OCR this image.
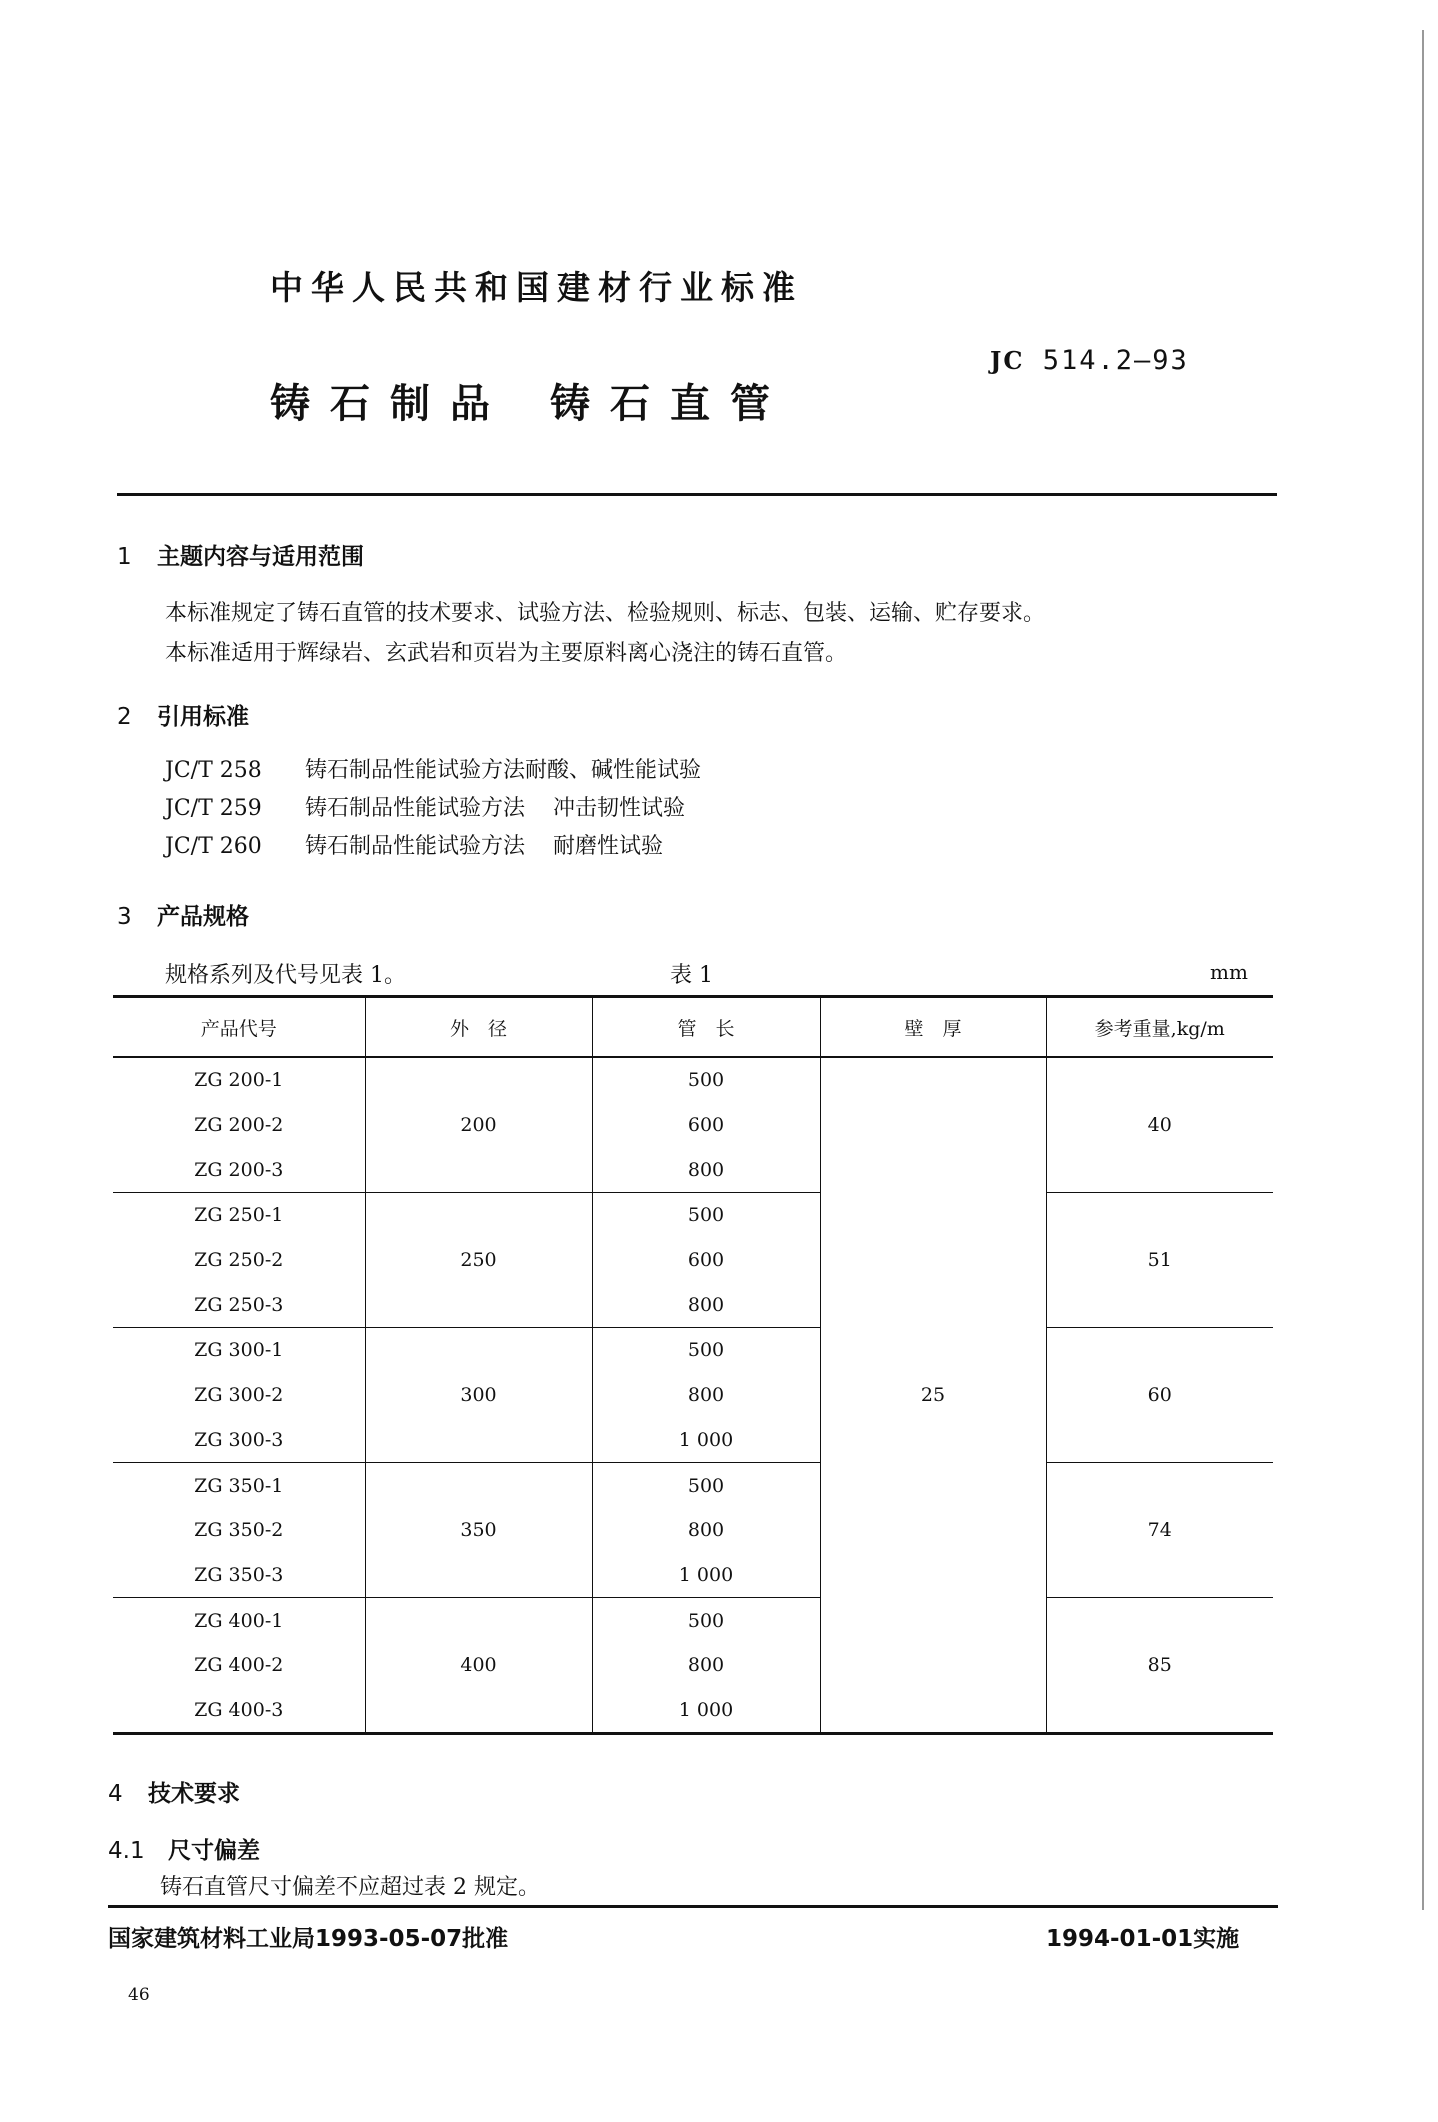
中华人民共和国建材行业标准
JC 514.2—93
铸石制品 铸石直管
1 主题内容与适用范围
本标准规定了铸石直管的技术要求、试验方法、检验规则、标志、包装、运输、贮存要求。
本标准适用于辉绿岩、玄武岩和页岩为主要原料离心浇注的铸石直管。
2 引用标准
JC/T 258 铸石制品性能试验方法耐酸、碱性能试验
JC/T 259 铸石制品性能试验方法 冲击韧性试验
JC/T 260 铸石制品性能试验方法 耐磨性试验
3 产品规格
规格系列及代号见表 1。	表 1	mm
产品代号	外　径	管　长	壁　厚	参考重量,kg/m
ZG 200-1	200	500	25	40
ZG 200-2		600		
ZG 200-3		800		
ZG 250-1	250	500		51
ZG 250-2		600		
ZG 250-3		800		
ZG 300-1	300	500		60
ZG 300-2		800		
ZG 300-3		1 000		
ZG 350-1	350	500		74
ZG 350-2		800		
ZG 350-3		1 000		
ZG 400-1	400	500		85
ZG 400-2		800		
ZG 400-3		1 000		
4 技术要求
4.1 尺寸偏差
铸石直管尺寸偏差不应超过表 2 规定。
国家建筑材料工业局1993-05-07批准	1994-01-01实施
46
